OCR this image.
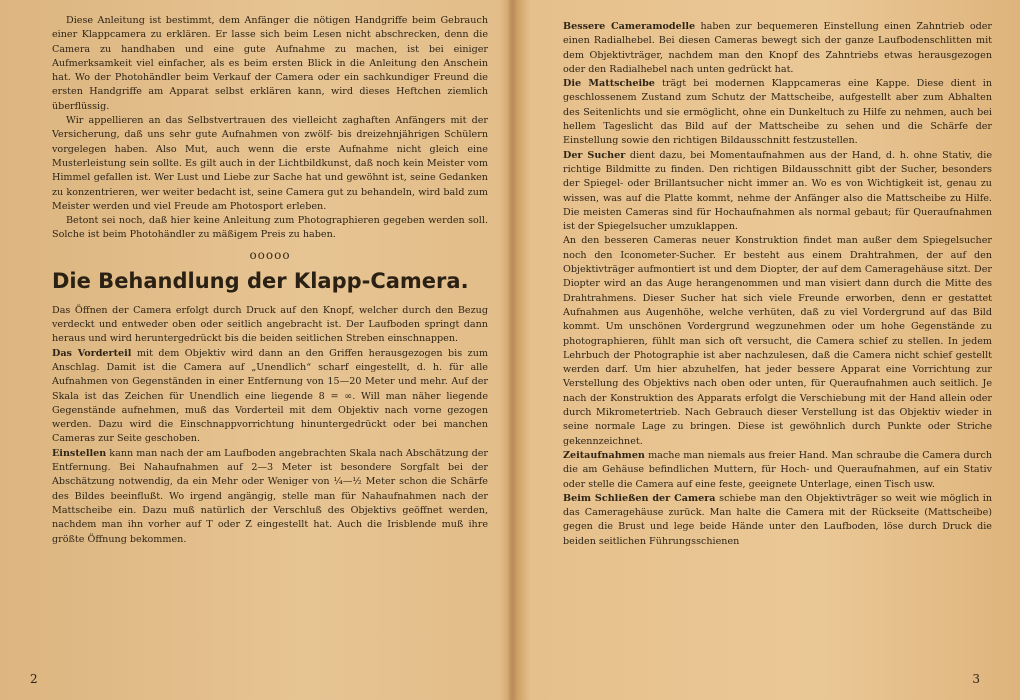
Diese Anleitung ist bestimmt, dem Anfänger die nötigen Handgriffe beim Gebrauch einer Klappcamera zu erklären. Er lasse sich beim Lesen nicht abschrecken, denn die Camera zu handhaben und eine gute Aufnahme zu machen, ist bei einiger Aufmerksamkeit viel einfacher, als es beim ersten Blick in die Anleitung den Anschein hat. Wo der Photohändler beim Verkauf der Camera oder ein sachkundiger Freund die ersten Handgriffe am Apparat selbst erklären kann, wird dieses Heftchen ziemlich überflüssig.

Wir appellieren an das Selbstvertrauen des vielleicht zaghaften Anfängers mit der Versicherung, daß uns sehr gute Aufnahmen von zwölf- bis dreizehnjährigen Schülern vorgelegen haben. Also Mut, auch wenn die erste Aufnahme nicht gleich eine Musterleistung sein sollte. Es gilt auch in der Lichtbildkunst, daß noch kein Meister vom Himmel gefallen ist. Wer Lust und Liebe zur Sache hat und gewöhnt ist, seine Gedanken zu konzentrieren, wer weiter bedacht ist, seine Camera gut zu behandeln, wird bald zum Meister werden und viel Freude am Photosport erleben.

Betont sei noch, daß hier keine Anleitung zum Photographieren gegeben werden soll. Solche ist beim Photohändler zu mäßigem Preis zu haben.

ooooo
Die Behandlung der Klapp-Camera.

Das Öffnen der Camera erfolgt durch Druck auf den Knopf, welcher durch den Bezug verdeckt und entweder oben oder seitlich angebracht ist. Der Laufboden springt dann heraus und wird heruntergedrückt bis die beiden seitlichen Streben einschnappen.

Das Vorderteil mit dem Objektiv wird dann an den Griffen herausgezogen bis zum Anschlag. Damit ist die Camera auf „Unendlich“ scharf eingestellt, d. h. für alle Aufnahmen von Gegenständen in einer Entfernung von 15—20 Meter und mehr. Auf der Skala ist das Zeichen für Unendlich eine liegende 8 = ∞. Will man näher liegende Gegenstände aufnehmen, muß das Vorderteil mit dem Objektiv nach vorne gezogen werden. Dazu wird die Einschnappvorrichtung hinuntergedrückt oder bei manchen Cameras zur Seite geschoben.

Einstellen kann man nach der am Laufboden angebrachten Skala nach Abschätzung der Entfernung. Bei Nahaufnahmen auf 2—3 Meter ist besondere Sorgfalt bei der Abschätzung notwendig, da ein Mehr oder Weniger von ¼—½ Meter schon die Schärfe des Bildes beeinflußt. Wo irgend angängig, stelle man für Nahaufnahmen nach der Mattscheibe ein. Dazu muß natürlich der Verschluß des Objektivs geöffnet werden, nachdem man ihn vorher auf T oder Z eingestellt hat. Auch die Irisblende muß ihre größte Öffnung bekommen.

2

Bessere Cameramodelle haben zur bequemeren Einstellung einen Zahntrieb oder einen Radialhebel. Bei diesen Cameras bewegt sich der ganze Laufbodenschlitten mit dem Objektivträger, nachdem man den Knopf des Zahntriebs etwas herausgezogen oder den Radialhebel nach unten gedrückt hat.

Die Mattscheibe trägt bei modernen Klappcameras eine Kappe. Diese dient in geschlossenem Zustand zum Schutz der Mattscheibe, aufgestellt aber zum Abhalten des Seitenlichts und sie ermöglicht, ohne ein Dunkeltuch zu Hilfe zu nehmen, auch bei hellem Tageslicht das Bild auf der Mattscheibe zu sehen und die Schärfe der Einstellung sowie den richtigen Bildausschnitt festzustellen.

Der Sucher dient dazu, bei Momentaufnahmen aus der Hand, d. h. ohne Stativ, die richtige Bildmitte zu finden. Den richtigen Bildausschnitt gibt der Sucher, besonders der Spiegel- oder Brillantsucher nicht immer an. Wo es von Wichtigkeit ist, genau zu wissen, was auf die Platte kommt, nehme der Anfänger also die Mattscheibe zu Hilfe. Die meisten Cameras sind für Hochaufnahmen als normal gebaut; für Queraufnahmen ist der Spiegelsucher umzuklappen.

An den besseren Cameras neuer Konstruktion findet man außer dem Spiegelsucher noch den Iconometer-Sucher. Er besteht aus einem Drahtrahmen, der auf den Objektivträger aufmontiert ist und dem Diopter, der auf dem Cameragehäuse sitzt. Der Diopter wird an das Auge herangenommen und man visiert dann durch die Mitte des Drahtrahmens. Dieser Sucher hat sich viele Freunde erworben, denn er gestattet Aufnahmen aus Augenhöhe, welche verhüten, daß zu viel Vordergrund auf das Bild kommt. Um unschönen Vordergrund wegzunehmen oder um hohe Gegenstände zu photographieren, fühlt man sich oft versucht, die Camera schief zu stellen. In jedem Lehrbuch der Photographie ist aber nachzulesen, daß die Camera nicht schief gestellt werden darf. Um hier abzuhelfen, hat jeder bessere Apparat eine Vorrichtung zur Verstellung des Objektivs nach oben oder unten, für Queraufnahmen auch seitlich. Je nach der Konstruktion des Apparats erfolgt die Verschiebung mit der Hand allein oder durch Mikrometertrieb. Nach Gebrauch dieser Verstellung ist das Objektiv wieder in seine normale Lage zu bringen. Diese ist gewöhnlich durch Punkte oder Striche gekennzeichnet.

Zeitaufnahmen mache man niemals aus freier Hand. Man schraube die Camera durch die am Gehäuse befindlichen Muttern, für Hoch- und Queraufnahmen, auf ein Stativ oder stelle die Camera auf eine feste, geeignete Unterlage, einen Tisch usw.

Beim Schließen der Camera schiebe man den Objektivträger so weit wie möglich in das Cameragehäuse zurück. Man halte die Camera mit der Rückseite (Mattscheibe) gegen die Brust und lege beide Hände unter den Laufboden, löse durch Druck die beiden seitlichen Führungsschienen

3
